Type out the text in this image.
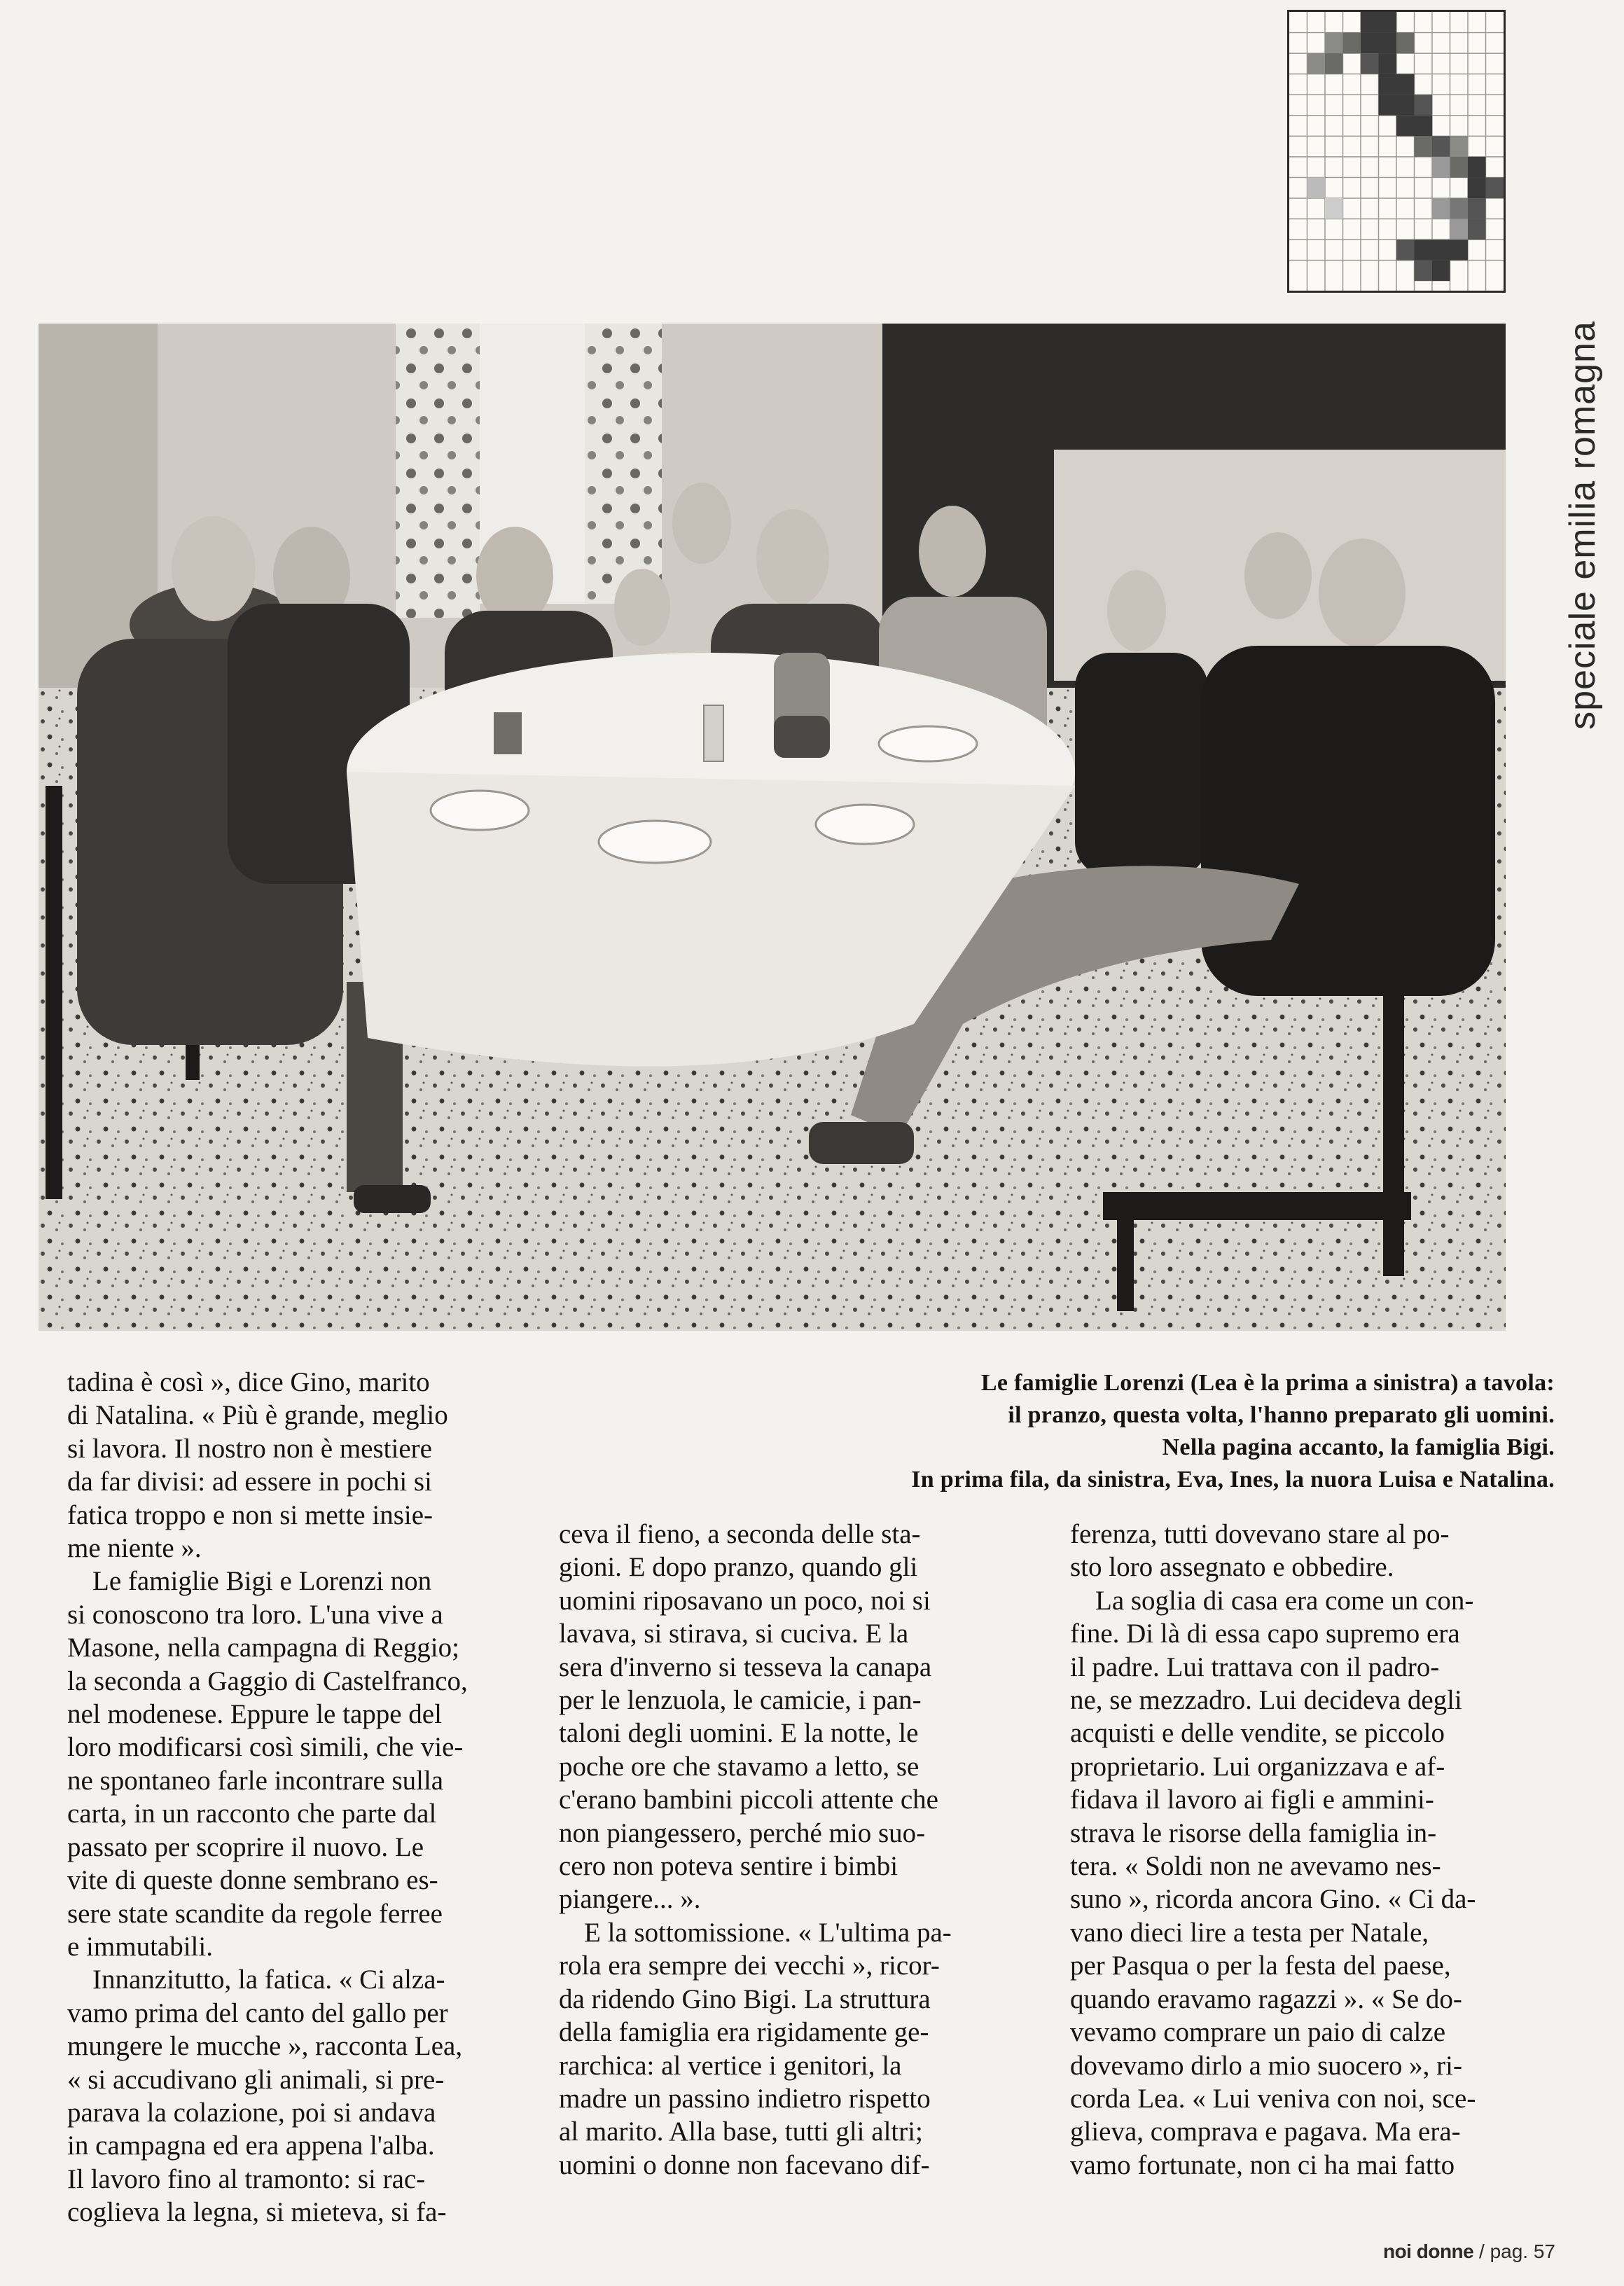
speciale emilia romagna
Le famiglie Lorenzi (Lea è la prima a sinistra) a tavola:
il pranzo, questa volta, l'hanno preparato gli uomini.
Nella pagina accanto, la famiglia Bigi.
In prima fila, da sinistra, Eva, Ines, la nuora Luisa e Natalina.

tadina è così », dice Gino, marito

di Natalina. « Più è grande, meglio

si lavora. Il nostro non è mestiere

da far divisi: ad essere in pochi si

fatica troppo e non si mette insie-

me niente ».

Le famiglie Bigi e Lorenzi non

si conoscono tra loro. L'una vive a

Masone, nella campagna di Reggio;

la seconda a Gaggio di Castelfranco,

nel modenese. Eppure le tappe del

loro modificarsi così simili, che vie-

ne spontaneo farle incontrare sulla

carta, in un racconto che parte dal

passato per scoprire il nuovo. Le

vite di queste donne sembrano es-

sere state scandite da regole ferree

e immutabili.

Innanzitutto, la fatica. « Ci alza-

vamo prima del canto del gallo per

mungere le mucche », racconta Lea,

« si accudivano gli animali, si pre-

parava la colazione, poi si andava

in campagna ed era appena l'alba.

Il lavoro fino al tramonto: si rac-

coglieva la legna, si mieteva, si fa-

ceva il fieno, a seconda delle sta-

gioni. E dopo pranzo, quando gli

uomini riposavano un poco, noi si

lavava, si stirava, si cuciva. E la

sera d'inverno si tesseva la canapa

per le lenzuola, le camicie, i pan-

taloni degli uomini. E la notte, le

poche ore che stavamo a letto, se

c'erano bambini piccoli attente che

non piangessero, perché mio suo-

cero non poteva sentire i bimbi

piangere... ».

E la sottomissione. « L'ultima pa-

rola era sempre dei vecchi », ricor-

da ridendo Gino Bigi. La struttura

della famiglia era rigidamente ge-

rarchica: al vertice i genitori, la

madre un passino indietro rispetto

al marito. Alla base, tutti gli altri;

uomini o donne non facevano dif-

ferenza, tutti dovevano stare al po-

sto loro assegnato e obbedire.

La soglia di casa era come un con-

fine. Di là di essa capo supremo era

il padre. Lui trattava con il padro-

ne, se mezzadro. Lui decideva degli

acquisti e delle vendite, se piccolo

proprietario. Lui organizzava e af-

fidava il lavoro ai figli e ammini-

strava le risorse della famiglia in-

tera. « Soldi non ne avevamo nes-

suno », ricorda ancora Gino. « Ci da-

vano dieci lire a testa per Natale,

per Pasqua o per la festa del paese,

quando eravamo ragazzi ». « Se do-

vevamo comprare un paio di calze

dovevamo dirlo a mio suocero », ri-

corda Lea. « Lui veniva con noi, sce-

glieva, comprava e pagava. Ma era-

vamo fortunate, non ci ha mai fatto

noi donne / pag. 57
